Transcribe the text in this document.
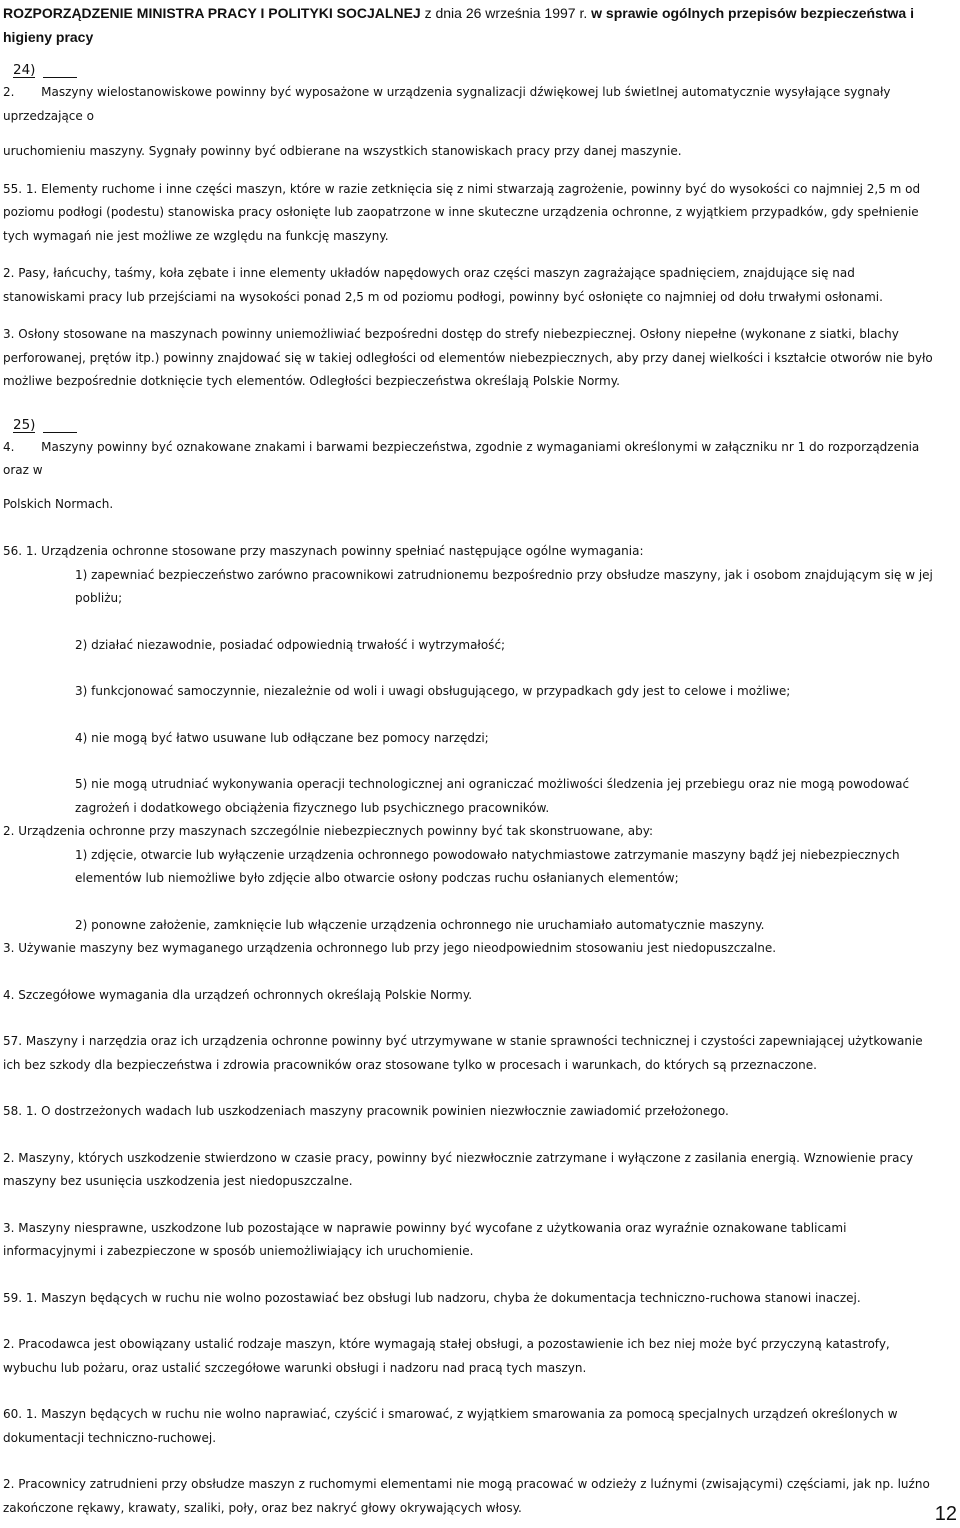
ROZPORZĄDZENIE MINISTRA PRACY I POLITYKI SOCJALNEJ z dnia 26 września 1997 r. w sprawie ogólnych przepisów bezpieczeństwa i higieny pracy
24)

2. Maszyny wielostanowiskowe powinny być wyposażone w urządzenia sygnalizacji dźwiękowej lub świetlnej automatycznie wysyłające sygnały uprzedzające o

uruchomieniu maszyny. Sygnały powinny być odbierane na wszystkich stanowiskach pracy przy danej maszynie.

55. 1. Elementy ruchome i inne części maszyn, które w razie zetknięcia się z nimi stwarzają zagrożenie, powinny być do wysokości co najmniej 2,5 m od poziomu podłogi (podestu) stanowiska pracy osłonięte lub zaopatrzone w inne skuteczne urządzenia ochronne, z wyjątkiem przypadków, gdy spełnienie tych wymagań nie jest możliwe ze względu na funkcję maszyny.

2. Pasy, łańcuchy, taśmy, koła zębate i inne elementy układów napędowych oraz części maszyn zagrażające spadnięciem, znajdujące się nad stanowiskami pracy lub przejściami na wysokości ponad 2,5 m od poziomu podłogi, powinny być osłonięte co najmniej od dołu trwałymi osłonami.

3. Osłony stosowane na maszynach powinny uniemożliwiać bezpośredni dostęp do strefy niebezpiecznej. Osłony niepełne (wykonane z siatki, blachy perforowanej, prętów itp.) powinny znajdować się w takiej odległości od elementów niebezpiecznych, aby przy danej wielkości i kształcie otworów nie było możliwe bezpośrednie dotknięcie tych elementów. Odległości bezpieczeństwa określają Polskie Normy.

25)

4. Maszyny powinny być oznakowane znakami i barwami bezpieczeństwa, zgodnie z wymaganiami określonymi w załączniku nr 1 do rozporządzenia oraz w

Polskich Normach.

56. 1. Urządzenia ochronne stosowane przy maszynach powinny spełniać następujące ogólne wymagania:

1) zapewniać bezpieczeństwo zarówno pracownikowi zatrudnionemu bezpośrednio przy obsłudze maszyny, jak i osobom znajdującym się w jej pobliżu;

2) działać niezawodnie, posiadać odpowiednią trwałość i wytrzymałość;

3) funkcjonować samoczynnie, niezależnie od woli i uwagi obsługującego, w przypadkach gdy jest to celowe i możliwe;

4) nie mogą być łatwo usuwane lub odłączane bez pomocy narzędzi;

5) nie mogą utrudniać wykonywania operacji technologicznej ani ograniczać możliwości śledzenia jej przebiegu oraz nie mogą powodować zagrożeń i dodatkowego obciążenia fizycznego lub psychicznego pracowników.

2. Urządzenia ochronne przy maszynach szczególnie niebezpiecznych powinny być tak skonstruowane, aby:

1) zdjęcie, otwarcie lub wyłączenie urządzenia ochronnego powodowało natychmiastowe zatrzymanie maszyny bądź jej niebezpiecznych elementów lub niemożliwe było zdjęcie albo otwarcie osłony podczas ruchu osłanianych elementów;

2) ponowne założenie, zamknięcie lub włączenie urządzenia ochronnego nie uruchamiało automatycznie maszyny.

3. Używanie maszyny bez wymaganego urządzenia ochronnego lub przy jego nieodpowiednim stosowaniu jest niedopuszczalne.

4. Szczegółowe wymagania dla urządzeń ochronnych określają Polskie Normy.

57. Maszyny i narzędzia oraz ich urządzenia ochronne powinny być utrzymywane w stanie sprawności technicznej i czystości zapewniającej użytkowanie ich bez szkody dla bezpieczeństwa i zdrowia pracowników oraz stosowane tylko w procesach i warunkach, do których są przeznaczone.

58. 1. O dostrzeżonych wadach lub uszkodzeniach maszyny pracownik powinien niezwłocznie zawiadomić przełożonego.

2. Maszyny, których uszkodzenie stwierdzono w czasie pracy, powinny być niezwłocznie zatrzymane i wyłączone z zasilania energią. Wznowienie pracy maszyny bez usunięcia uszkodzenia jest niedopuszczalne.

3. Maszyny niesprawne, uszkodzone lub pozostające w naprawie powinny być wycofane z użytkowania oraz wyraźnie oznakowane tablicami informacyjnymi i zabezpieczone w sposób uniemożliwiający ich uruchomienie.

59. 1. Maszyn będących w ruchu nie wolno pozostawiać bez obsługi lub nadzoru, chyba że dokumentacja techniczno-ruchowa stanowi inaczej.

2. Pracodawca jest obowiązany ustalić rodzaje maszyn, które wymagają stałej obsługi, a pozostawienie ich bez niej może być przyczyną katastrofy, wybuchu lub pożaru, oraz ustalić szczegółowe warunki obsługi i nadzoru nad pracą tych maszyn.

60. 1. Maszyn będących w ruchu nie wolno naprawiać, czyścić i smarować, z wyjątkiem smarowania za pomocą specjalnych urządzeń określonych w dokumentacji techniczno-ruchowej.

2. Pracownicy zatrudnieni przy obsłudze maszyn z ruchomymi elementami nie mogą pracować w odzieży z luźnymi (zwisającymi) częściami, jak np. luźno zakończone rękawy, krawaty, szaliki, poły, oraz bez nakryć głowy okrywających włosy.	12
